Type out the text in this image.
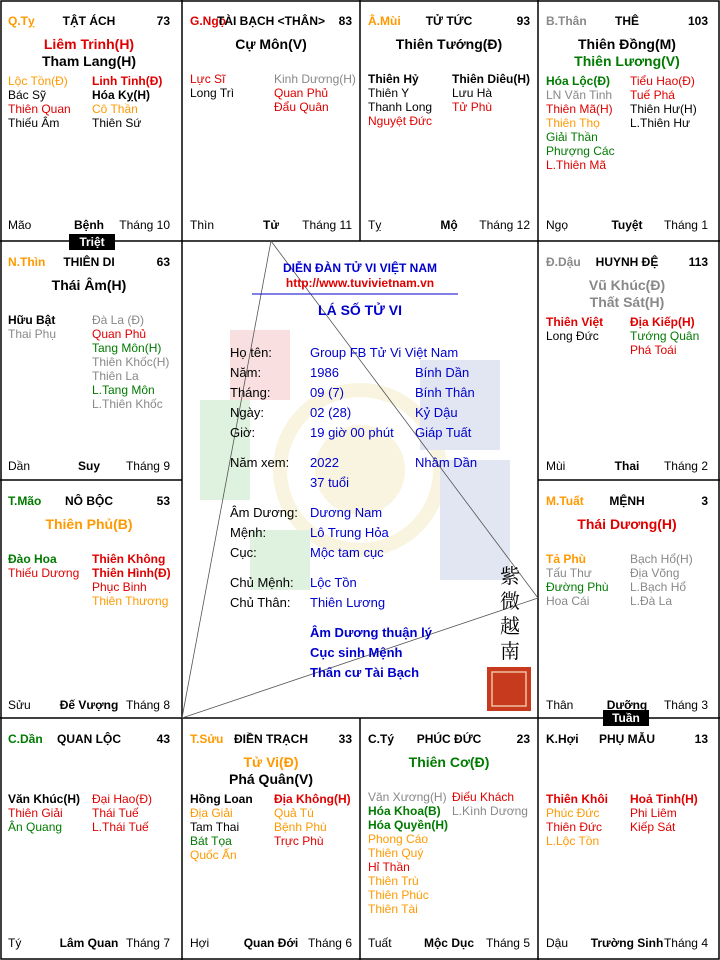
Triệt
Tuần
DIỄN ĐÀN TỬ VI VIỆT NAM
http://www.tuvivietnam.vn
LÁ SỐ TỬ VI
Họ tên:	Group FB Tử Vi Việt Nam
Năm:	1986	Bính Dần
Tháng:	09 (7)	Bính Thân
Ngày:	02 (28)	Kỷ Dậu
Giờ:	19 giờ 00 phút Giáp Tuất
Năm xem: 2022	Nhâm Dần
37 tuổi
Âm Dương: Dương Nam
Mệnh:	Lô Trung Hỏa
Cục:	Mộc tam cục
Chủ Mệnh: Lộc Tồn
Chủ Thân: Thiên Lương
Âm Dương thuận lý
Cục sinh Mệnh
Thân cư Tài Bạch
紫
微
越
南
Q.Tỵ	TẬT ÁCH	73
Liêm Trinh(H)
Tham Lang(H)
Lộc Tồn(Đ)
Bác Sỹ
Thiên Quan
Thiếu Âm
Linh Tinh(Đ)
Hóa Kỵ(H)
Cô Thần
Thiên Sứ
Mão	Bệnh	Tháng 10
G.Ngọ
TÀI BẠCH <THÂN>	83
Cự Môn(V)
Lực Sĩ
Long Trì
Kinh Dương(H)
Quan Phủ
Đẩu Quân
Thìn	Tử	Tháng 11
Â.Mùi	TỬ TỨC	93
Thiên Tướng(Đ)
Thiên Hỷ
Thiên Y
Thanh Long
Nguyệt Đức
Thiên Diêu(H)
Lưu Hà
Tử Phù
Tỵ	Mộ	Tháng 12
B.Thân	THÊ	103
Thiên Đồng(M)
Thiên Lương(V)
Hóa Lộc(Đ)
LN Văn Tinh
Thiên Mã(H)
Thiên Thọ
Giải Thần
Phượng Các
L.Thiên Mã
Tiểu Hao(Đ)
Tuế Phá
Thiên Hư(H)
L.Thiên Hư
Ngọ	Tuyệt	Tháng 1
N.Thìn	THIÊN DI	63
Thái Âm(H)
Hữu Bật
Thai Phụ
Đà La (Đ)
Quan Phủ
Tang Môn(H)
Thiên Khốc(H)
Thiên La
L.Tang Môn
L.Thiên Khốc
Dần	Suy	Tháng 9
Đ.Dậu	HUYNH ĐỆ	113
Vũ Khúc(Đ)
Thất Sát(H)
Thiên Việt
Long Đức
Địa Kiếp(H)
Tướng Quân
Phá Toái
Mùi	Thai	Tháng 2
T.Mão	NÔ BỘC	53
Thiên Phủ(B)
Đào Hoa
Thiếu Dương
Thiên Không
Thiên Hình(Đ)
Phục Binh
Thiên Thương
Sửu	Đế Vượng Tháng 8
M.Tuất	MỆNH	3
Thái Dương(H)
Tả Phù
Tấu Thư
Đường Phù
Hoa Cái
Bạch Hổ(H)
Địa Võng
L.Bạch Hổ
L.Đà La
Thân	Dưỡng	Tháng 3
C.Dần	QUAN LỘC	43
Văn Khúc(H)
Thiên Giải
Ân Quang
Đại Hao(Đ)
Thái Tuế
L.Thái Tuế
Tý	Lâm Quan Tháng 7
T.Sửu ĐIỀN TRẠCH	33
Tử Vi(Đ)
Phá Quân(V)
Hồng Loan
Địa Giải
Tam Thai
Bát Tọa
Quốc Ấn
Địa Không(H)
Quả Tú
Bệnh Phù
Trực Phù
Hợi	Quan Đới Tháng 6
C.Tý	PHÚC ĐỨC	23
Thiên Cơ(Đ)
Văn Xương(H)
Hóa Khoa(B)
Hóa Quyền(H)
Phong Cáo
Thiên Quý
Hỉ Thần
Thiên Trù
Thiên Phúc
Thiên Tài
Điếu Khách
L.Kình Dương
Tuất	Mộc Dục Tháng 5
K.Hợi	PHỤ MẪU	13
Thiên Khôi
Phúc Đức
Thiên Đức
L.Lộc Tồn
Hoả Tinh(H)
Phi Liêm
Kiếp Sát
Dậu	Trường Sinh Tháng 4
